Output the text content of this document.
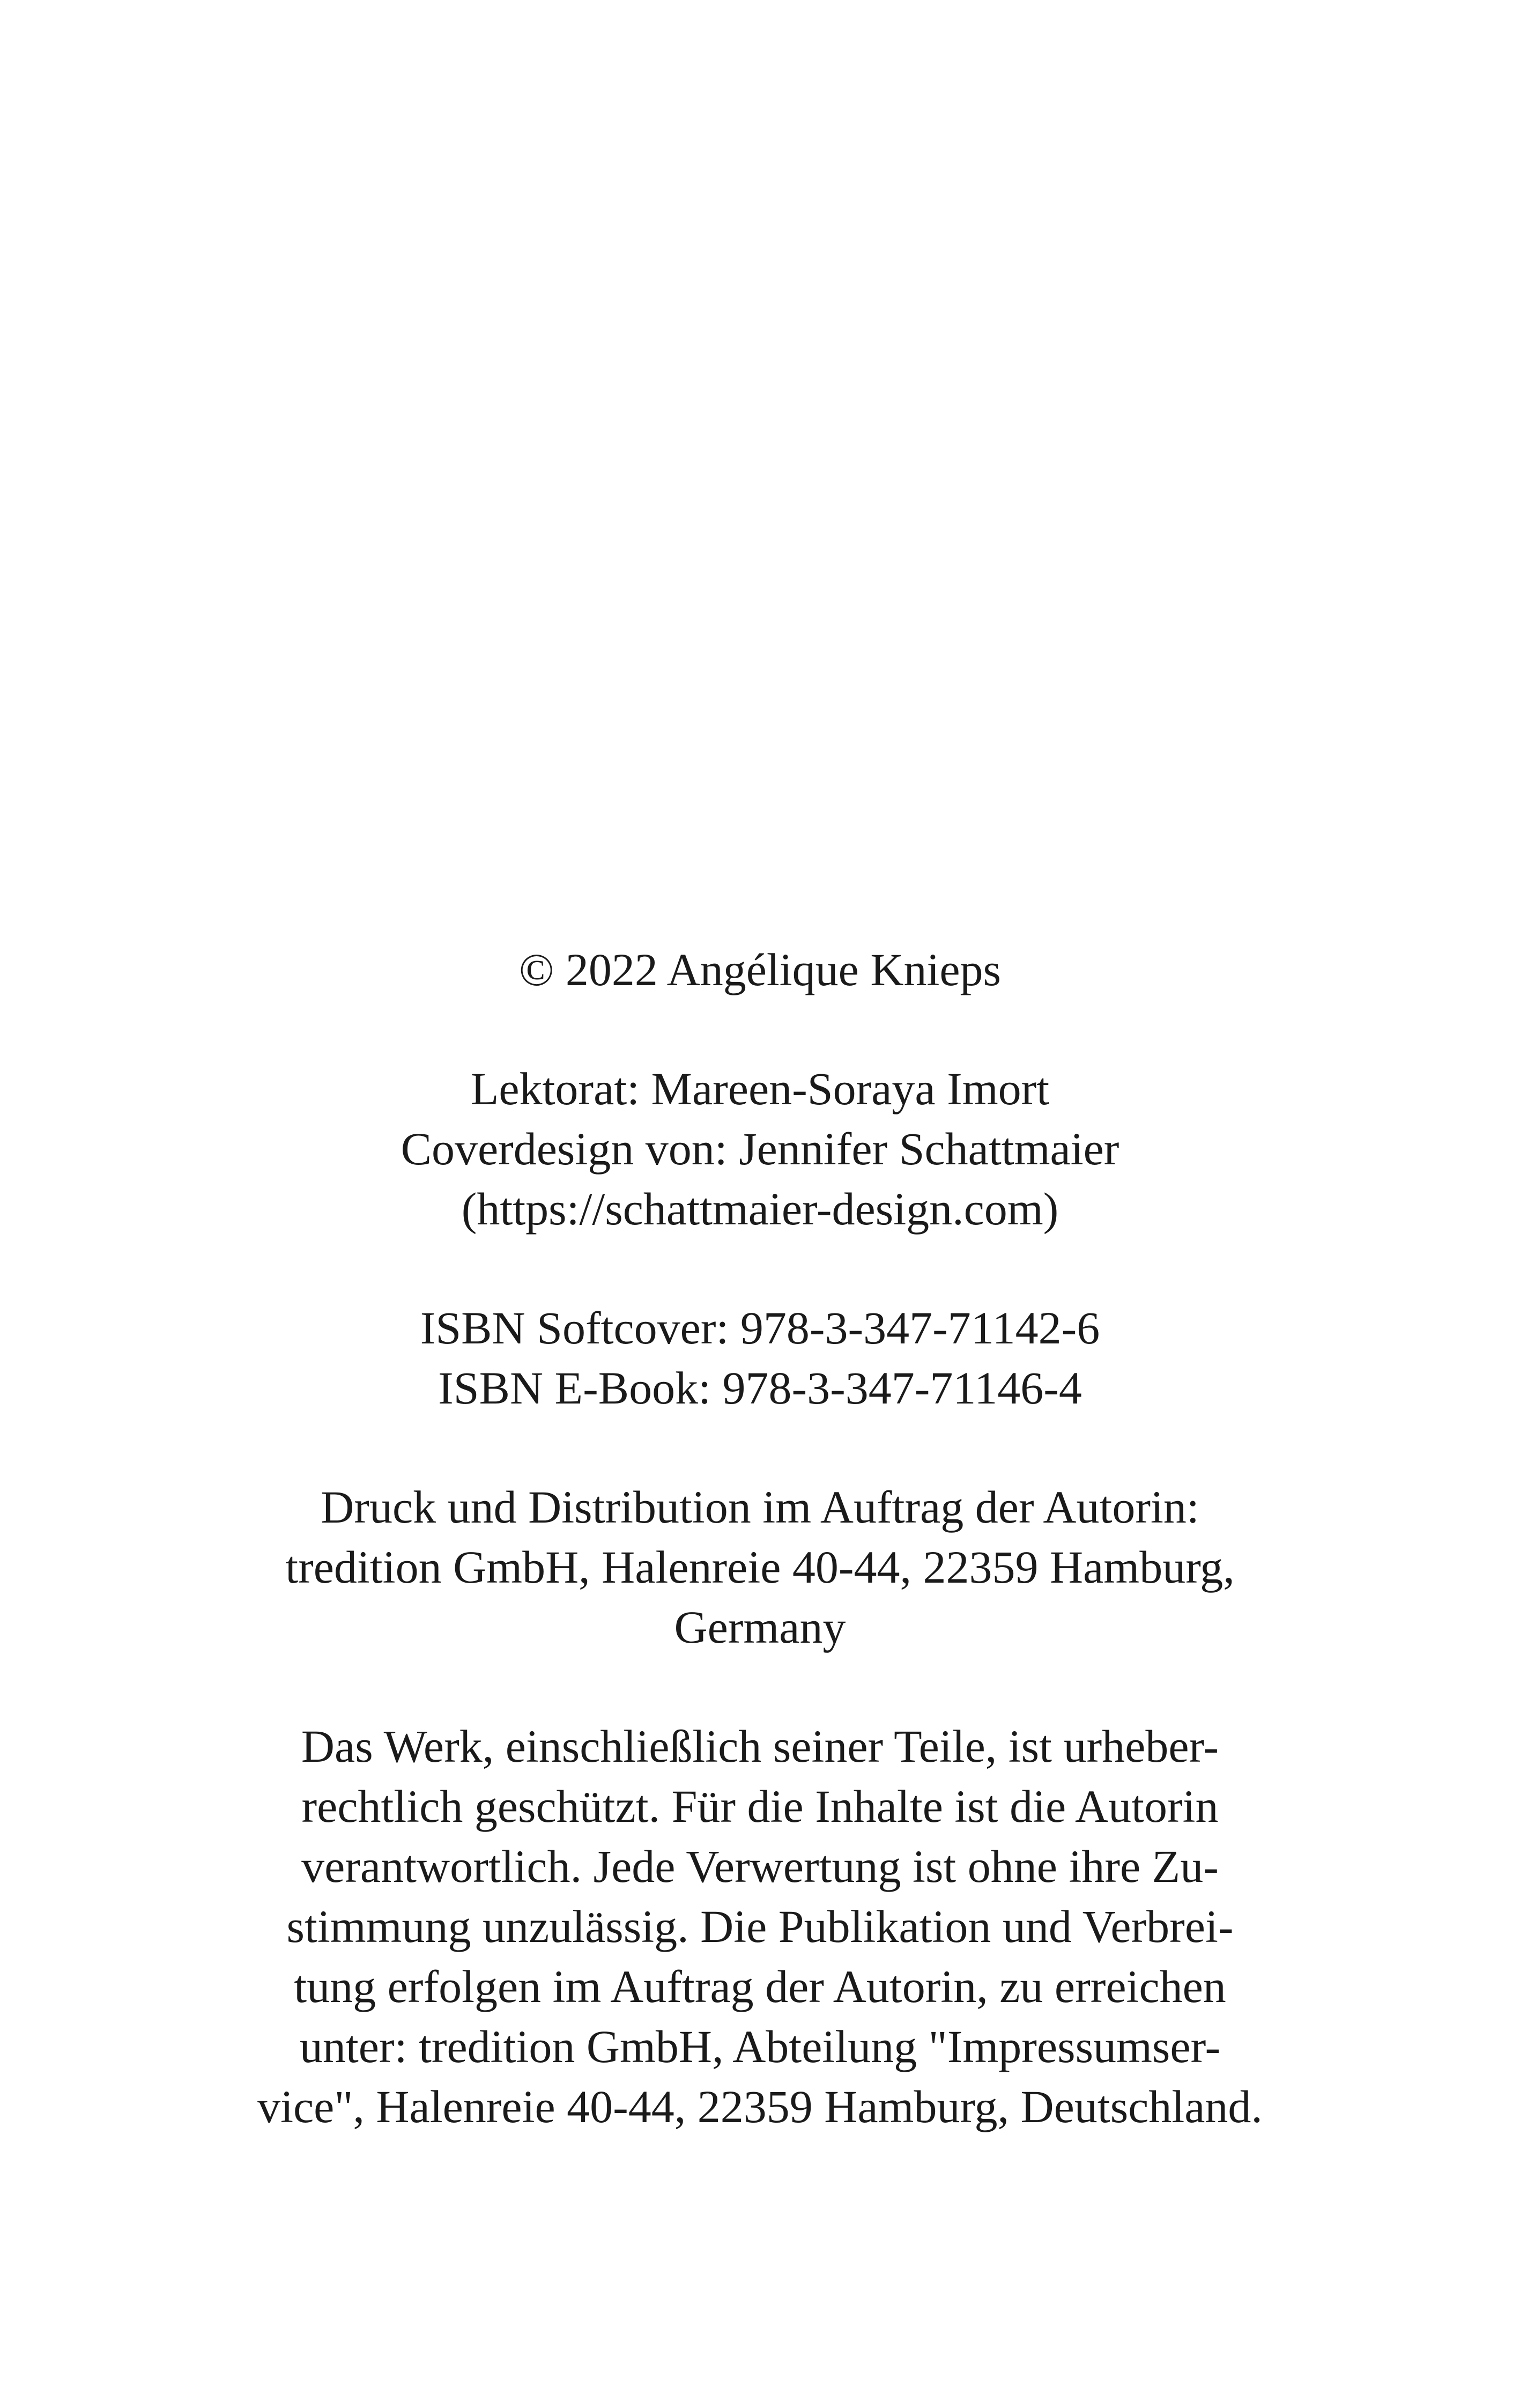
© 2022 Angélique Knieps

Lektorat: Mareen-Soraya Imort

Coverdesign von: Jennifer Schattmaier

(https://schattmaier-design.com)

ISBN Softcover: 978-3-347-71142-6

ISBN E-Book: 978-3-347-71146-4

Druck und Distribution im Auftrag der Autorin:

tredition GmbH, Halenreie 40-44, 22359 Hamburg,

Germany

Das Werk, einschließlich seiner Teile, ist urheber-

rechtlich geschützt. Für die Inhalte ist die Autorin

verantwortlich. Jede Verwertung ist ohne ihre Zu-

stimmung unzulässig. Die Publikation und Verbrei-

tung erfolgen im Auftrag der Autorin, zu erreichen

unter: tredition GmbH, Abteilung "Impressumser-

vice", Halenreie 40-44, 22359 Hamburg, Deutschland.
